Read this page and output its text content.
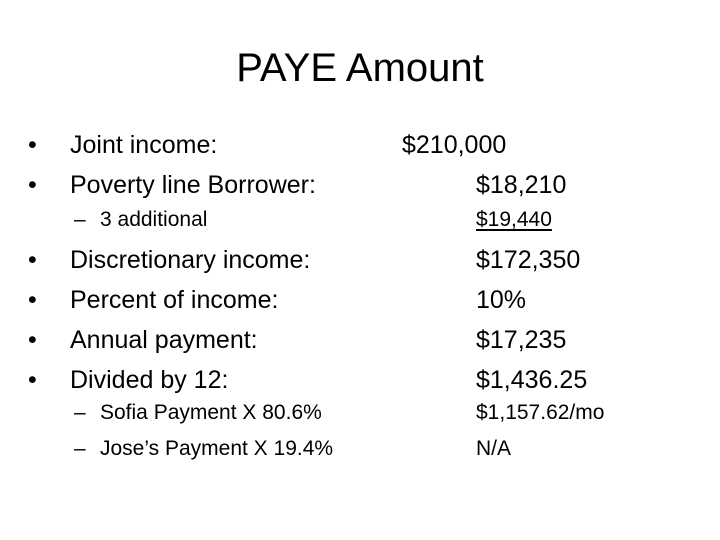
PAYE Amount
• Joint income:	$210,000
• Poverty line Borrower:	$18,210
– 3 additional	$19,440
• Discretionary income:	$172,350
• Percent of income:	10%
• Annual payment:	$17,235
• Divided by 12:	$1,436.25
– Sofia Payment X 80.6%	$1,157.62/mo
– Jose’s Payment X 19.4%	N/A
